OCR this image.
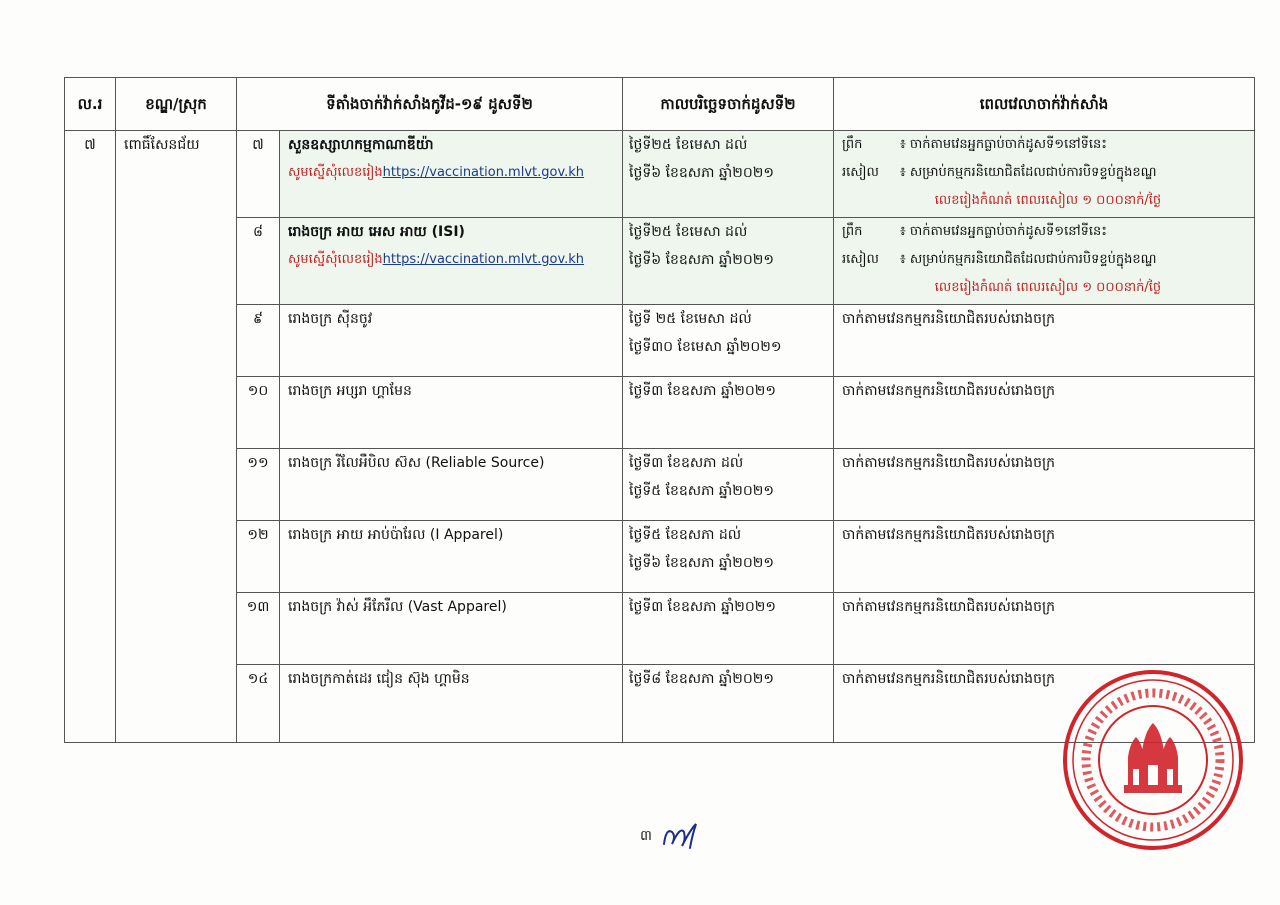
ល.រ	ខណ្ឌ/ស្រុក	ទីតាំងចាក់វ៉ាក់សាំងកូវីដ-១៩ ដូសទី២		កាលបរិច្ឆេទចាក់ដូសទី២	ពេលវេលាចាក់វ៉ាក់សាំង
៧	ពោធិ៍សែនជ័យ	៧	សួនឧស្សាហកម្មកាណាឌីយ៉ា
សូមស្នើសុំលេខរៀងhttps://vaccination.mlvt.gov.kh	ថ្ងៃទី២៥ ខែមេសា ដល់
ថ្ងៃទី៦ ខែឧសភា ឆ្នាំ២០២១	ព្រឹក ៖ ចាក់តាមវេនអ្នកធ្លាប់ចាក់ដូសទី១នៅទីនេះ
រសៀល ៖ សម្រាប់កម្មករនិយោជិតដែលជាប់ការបិទខ្ទប់ក្នុងខណ្ឌ
លេខរៀងកំណត់ ពេលរសៀល ១ ០០០នាក់/ថ្ងៃ

		៨	រោងចក្រ អាយ អេស អាយ (ISI)
សូមស្នើសុំលេខរៀងhttps://vaccination.mlvt.gov.kh	ថ្ងៃទី២៥ ខែមេសា ដល់
ថ្ងៃទី៦ ខែឧសភា ឆ្នាំ២០២១	ព្រឹក ៖ ចាក់តាមវេនអ្នកធ្លាប់ចាក់ដូសទី១នៅទីនេះ
រសៀល ៖ សម្រាប់កម្មករនិយោជិតដែលជាប់ការបិទខ្ទប់ក្នុងខណ្ឌ
លេខរៀងកំណត់ ពេលរសៀល ១ ០០០នាក់/ថ្ងៃ

		៩	រោងចក្រ ស៊ីនចូវ	ថ្ងៃទី ២៥ ខែមេសា ដល់
ថ្ងៃទី៣០ ខែមេសា ឆ្នាំ២០២១	ចាក់តាមវេនកម្មករនិយោជិតរបស់រោងចក្រ
		១០	រោងចក្រ អប្សរា ហ្គាមែន	ថ្ងៃទី៣ ខែឧសភា ឆ្នាំ២០២១	ចាក់តាមវេនកម្មករនិយោជិតរបស់រោងចក្រ
		១១	រោងចក្រ រីលែអឺបិល ស៊ស (Reliable Source)	ថ្ងៃទី៣ ខែឧសភា ដល់
ថ្ងៃទី៥ ខែឧសភា ឆ្នាំ២០២១	ចាក់តាមវេនកម្មករនិយោជិតរបស់រោងចក្រ
		១២	រោងចក្រ អាយ អាប់ប៉ារែល (I Apparel)	ថ្ងៃទី៥ ខែឧសភា ដល់
ថ្ងៃទី៦ ខែឧសភា ឆ្នាំ២០២១	ចាក់តាមវេនកម្មករនិយោជិតរបស់រោងចក្រ
		១៣	រោងចក្រ វ៉ាស់ អឹភែរឺល (Vast Apparel)	ថ្ងៃទី៣ ខែឧសភា ឆ្នាំ២០២១	ចាក់តាមវេនកម្មករនិយោជិតរបស់រោងចក្រ
		១៤	រោងចក្រកាត់ដេរ ជៀន ស៊ុង ហ្គាមិន	ថ្ងៃទី៨ ខែឧសភា ឆ្នាំ២០២១	ចាក់តាមវេនកម្មករនិយោជិតរបស់រោងចក្រ
៣
